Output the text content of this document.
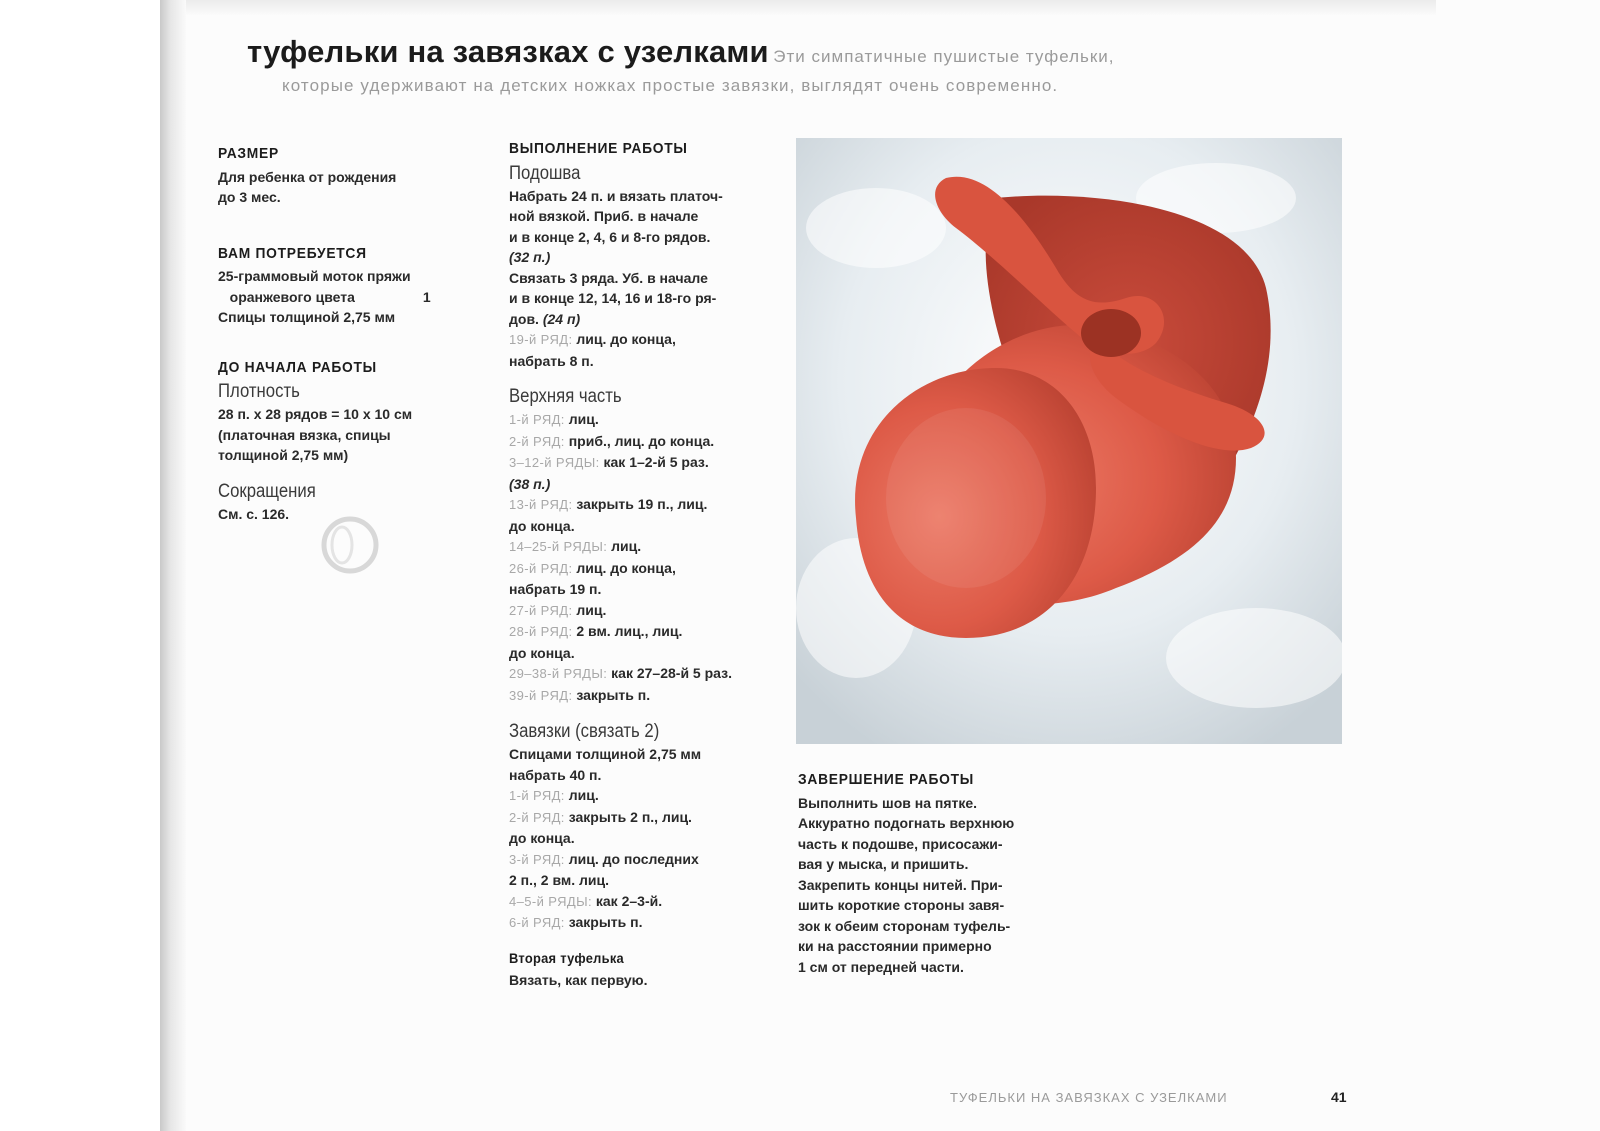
туфельки на завязках с узелками Эти симпатичные пушистые туфельки,
которые удерживают на детских ножках простые завязки, выглядят очень современно.
РАЗМЕР

Для ребенка от рождения

до 3 мес.

ВАМ ПОТРЕБУЕТСЯ

25-граммовый моток пряжи

оранжевого цвета	1

Спицы толщиной 2,75 мм

ДО НАЧАЛА РАБОТЫ
Плотность

28 п. х 28 рядов = 10 х 10 см

(платочная вязка, спицы

толщиной 2,75 мм)

Сокращения

См. с. 126.

ВЫПОЛНЕНИЕ РАБОТЫ
Подошва

Набрать 24 п. и вязать платоч-

ной вязкой. Приб. в начале

и в конце 2, 4, 6 и 8-го рядов.

(32 п.)

Связать 3 ряда. Уб. в начале

и в конце 12, 14, 16 и 18-го ря-

дов. (24 п)

19-й РЯД: лиц. до конца,

набрать 8 п.

Верхняя часть

1-й РЯД: лиц.

2-й РЯД: приб., лиц. до конца.

3–12-й РЯДЫ: как 1–2-й 5 раз.

(38 п.)

13-й РЯД: закрыть 19 п., лиц.

до конца.

14–25-й РЯДЫ: лиц.

26-й РЯД: лиц. до конца,

набрать 19 п.

27-й РЯД: лиц.

28-й РЯД: 2 вм. лиц., лиц.

до конца.

29–38-й РЯДЫ: как 27–28-й 5 раз.

39-й РЯД: закрыть п.

Завязки (связать 2)

Спицами толщиной 2,75 мм

набрать 40 п.

1-й РЯД: лиц.

2-й РЯД: закрыть 2 п., лиц.

до конца.

3-й РЯД: лиц. до последних

2 п., 2 вм. лиц.

4–5-й РЯДЫ: как 2–3-й.

6-й РЯД: закрыть п.

Вторая туфелька

Вязать, как первую.

ЗАВЕРШЕНИЕ РАБОТЫ

Выполнить шов на пятке.

Аккуратно подогнать верхнюю

часть к подошве, присосажи-

вая у мыска, и пришить.

Закрепить концы нитей. При-

шить короткие стороны завя-

зок к обеим сторонам туфель-

ки на расстоянии примерно

1 см от передней части.

ТУФЕЛЬКИ НА ЗАВЯЗКАХ С УЗЕЛКАМИ	41
